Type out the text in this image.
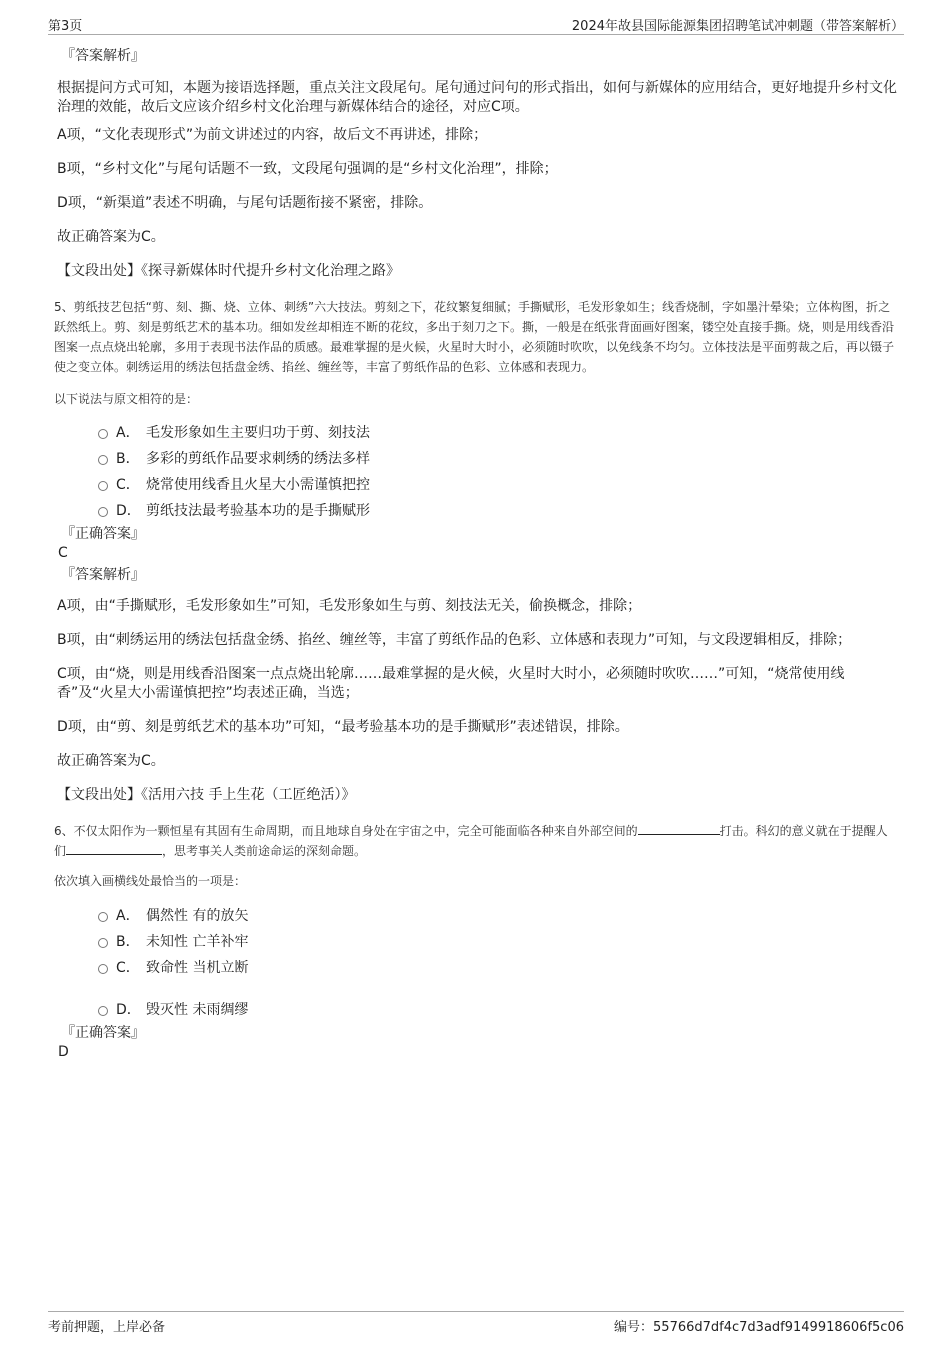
第3页	2024年故县国际能源集团招聘笔试冲刺题（带答案解析）
『答案解析』

根据提问方式可知，本题为接语选择题，重点关注文段尾句。尾句通过问句的形式指出，如何与新媒体的应用结合，更好地提升乡村文化治理的效能，故后文应该介绍乡村文化治理与新媒体结合的途径，对应C项。

A项，“文化表现形式”为前文讲述过的内容，故后文不再讲述，排除；

B项，“乡村文化”与尾句话题不一致，文段尾句强调的是“乡村文化治理”，排除；

D项，“新渠道”表述不明确，与尾句话题衔接不紧密，排除。

故正确答案为C。

【文段出处】《探寻新媒体时代提升乡村文化治理之路》

5、剪纸技艺包括“剪、刻、撕、烧、立体、刺绣”六大技法。剪刻之下，花纹繁复细腻；手撕赋形，毛发形象如生；线香烧制，字如墨汁晕染；立体构图，折之跃然纸上。剪、刻是剪纸艺术的基本功。细如发丝却相连不断的花纹，多出于刻刀之下。撕，一般是在纸张背面画好图案，镂空处直接手撕。烧，则是用线香沿图案一点点烧出轮廓，多用于表现书法作品的质感。最难掌握的是火候，火星时大时小，必须随时吹吹，以免线条不均匀。立体技法是平面剪裁之后，再以镊子使之变立体。刺绣运用的绣法包括盘金绣、掐丝、缠丝等，丰富了剪纸作品的色彩、立体感和表现力。

以下说法与原文相符的是：

A． 毛发形象如生主要归功于剪、刻技法
B． 多彩的剪纸作品要求刺绣的绣法多样
C． 烧常使用线香且火星大小需谨慎把控
D． 剪纸技法最考验基本功的是手撕赋形
『正确答案』
C
『答案解析』

A项，由“手撕赋形，毛发形象如生”可知，毛发形象如生与剪、刻技法无关，偷换概念，排除；

B项，由“刺绣运用的绣法包括盘金绣、掐丝、缠丝等，丰富了剪纸作品的色彩、立体感和表现力”可知，与文段逻辑相反，排除；

C项，由“烧，则是用线香沿图案一点点烧出轮廓……最难掌握的是火候，火星时大时小，必须随时吹吹……”可知，“烧常使用线香”及“火星大小需谨慎把控”均表述正确，当选；

D项，由“剪、刻是剪纸艺术的基本功”可知，“最考验基本功的是手撕赋形”表述错误，排除。

故正确答案为C。

【文段出处】《活用六技 手上生花（工匠绝活）》

6、不仅太阳作为一颗恒星有其固有生命周期，而且地球自身处在宇宙之中，完全可能面临各种来自外部空间的	打击。科幻的意义就在于提醒人们	，思考事关人类前途命运的深刻命题。

依次填入画横线处最恰当的一项是：

A． 偶然性 有的放矢
B． 未知性 亡羊补牢
C． 致命性 当机立断
D． 毁灭性 未雨绸缪
『正确答案』
D
考前押题，上岸必备	编号：55766d7df4c7d3adf9149918606f5c06
